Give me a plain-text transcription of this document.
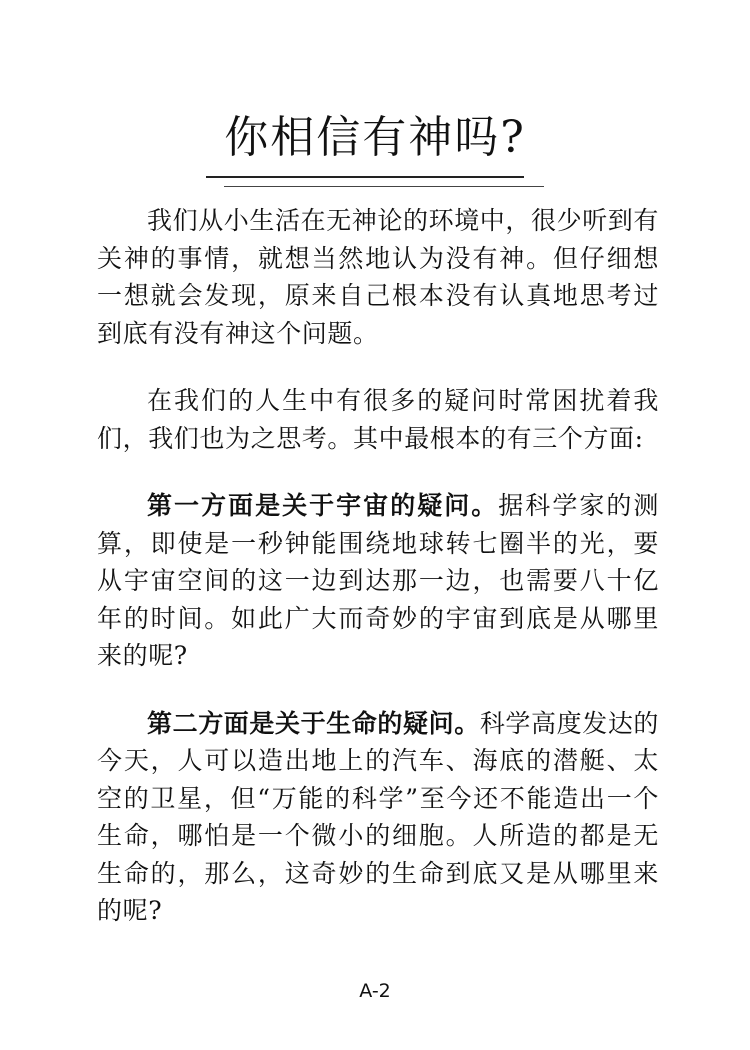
你相信有神吗?

我们从小生活在无神论的环境中，很少听到有关神的事情，就想当然地认为没有神。但仔细想一想就会发现，原来自己根本没有认真地思考过到底有没有神这个问题。

在我们的人生中有很多的疑问时常困扰着我们，我们也为之思考。其中最根本的有三个方面:

第一方面是关于宇宙的疑问。据科学家的测算，即使是一秒钟能围绕地球转七圈半的光，要从宇宙空间的这一边到达那一边，也需要八十亿年的时间。如此广大而奇妙的宇宙到底是从哪里来的呢?

第二方面是关于生命的疑问。科学高度发达的今天，人可以造出地上的汽车、海底的潜艇、太空的卫星，但“万能的科学”至今还不能造出一个生命，哪怕是一个微小的细胞。人所造的都是无生命的，那么，这奇妙的生命到底又是从哪里来的呢?

A-2
